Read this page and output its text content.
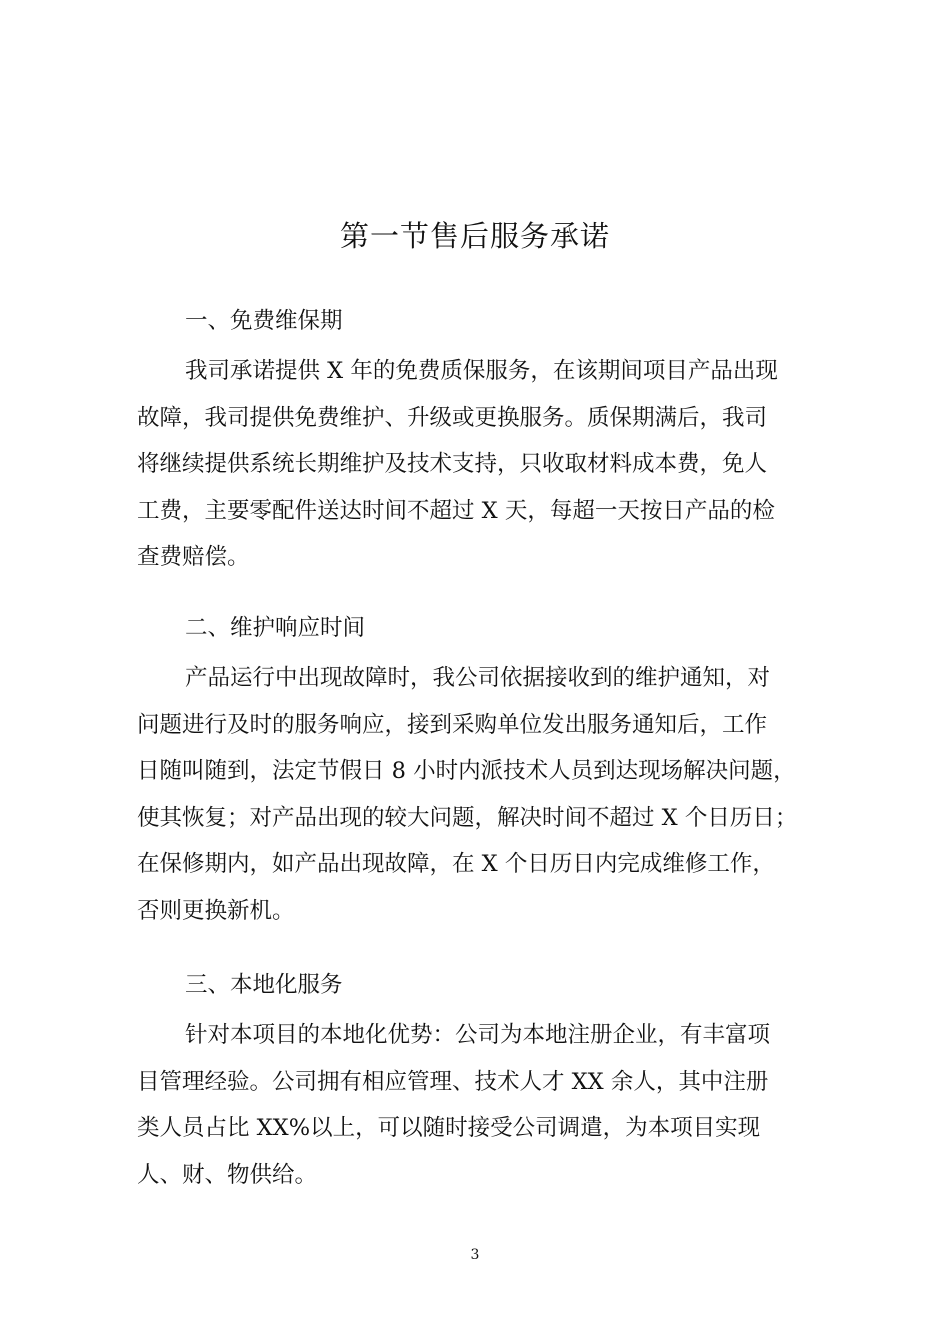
第一节售后服务承诺
一、免费维保期
我司承诺提供 X 年的免费质保服务，在该期间项目产品出现
故障，我司提供免费维护、升级或更换服务。质保期满后，我司
将继续提供系统长期维护及技术支持，只收取材料成本费，免人
工费，主要零配件送达时间不超过 X 天，每超一天按日产品的检
查费赔偿。
二、维护响应时间
产品运行中出现故障时，我公司依据接收到的维护通知，对
问题进行及时的服务响应，接到采购单位发出服务通知后，工作
日随叫随到，法定节假日 8 小时内派技术人员到达现场解决问题，
使其恢复；对产品出现的较大问题，解决时间不超过 X 个日历日；
在保修期内，如产品出现故障，在 X 个日历日内完成维修工作，
否则更换新机。
三、本地化服务
针对本项目的本地化优势：公司为本地注册企业，有丰富项
目管理经验。公司拥有相应管理、技术人才 XX 余人，其中注册
类人员占比 XX%以上，可以随时接受公司调遣，为本项目实现
人、财、物供给。
3
